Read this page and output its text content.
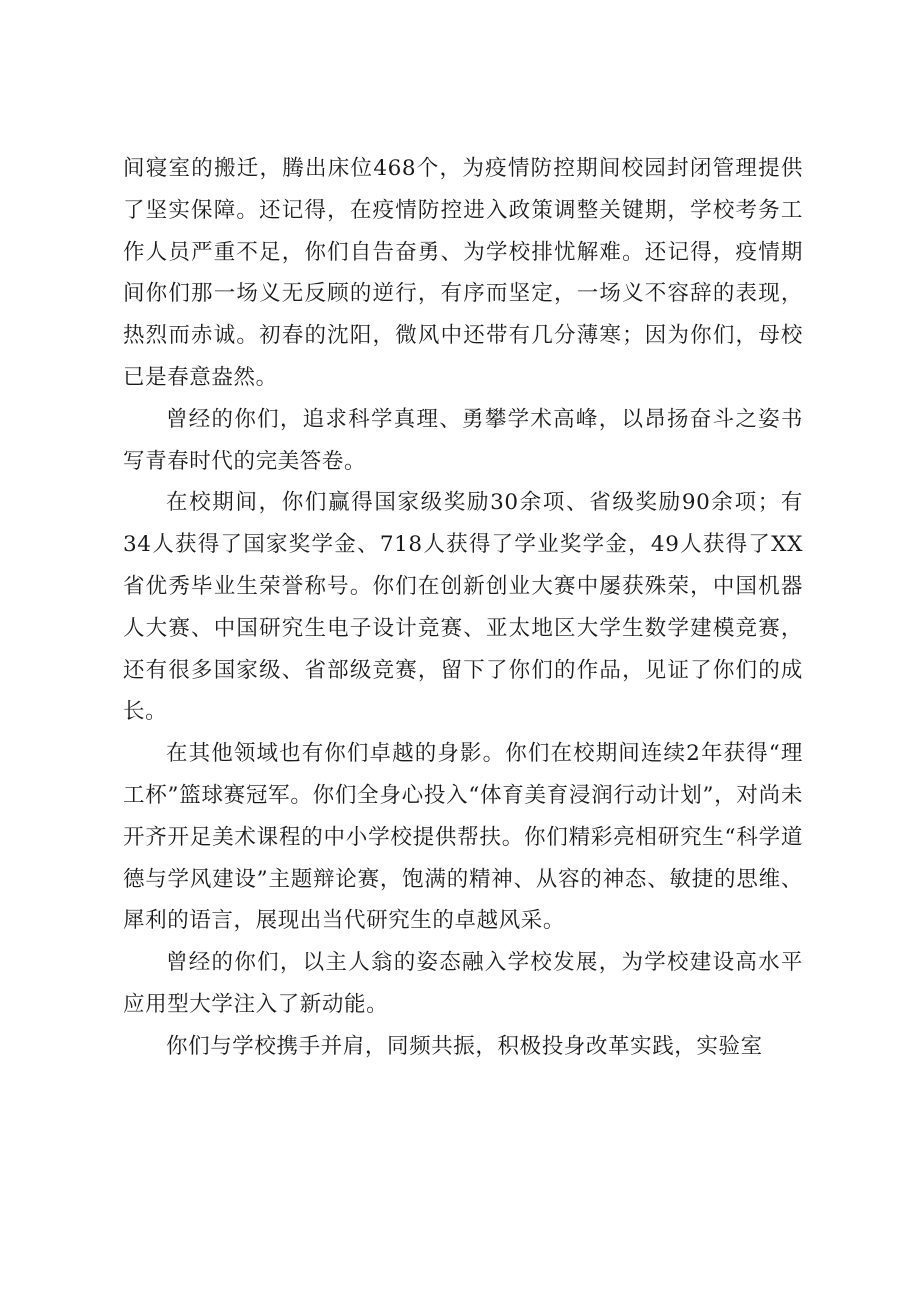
间寝室的搬迁，腾出床位468个，为疫情防控期间校园封闭管理提供了坚实保障。还记得，在疫情防控进入政策调整关键期，学校考务工作人员严重不足，你们自告奋勇、为学校排忧解难。还记得，疫情期间你们那一场义无反顾的逆行，有序而坚定，一场义不容辞的表现，热烈而赤诚。初春的沈阳，微风中还带有几分薄寒；因为你们，母校已是春意盎然。

曾经的你们，追求科学真理、勇攀学术高峰，以昂扬奋斗之姿书写青春时代的完美答卷。

在校期间，你们赢得国家级奖励30余项、省级奖励90余项；有34人获得了国家奖学金、718人获得了学业奖学金，49人获得了XX省优秀毕业生荣誉称号。你们在创新创业大赛中屡获殊荣，中国机器人大赛、中国研究生电子设计竞赛、亚太地区大学生数学建模竞赛，还有很多国家级、省部级竞赛，留下了你们的作品，见证了你们的成长。

在其他领域也有你们卓越的身影。你们在校期间连续2年获得“理工杯”篮球赛冠军。你们全身心投入“体育美育浸润行动计划”，对尚未开齐开足美术课程的中小学校提供帮扶。你们精彩亮相研究生“科学道德与学风建设”主题辩论赛，饱满的精神、从容的神态、敏捷的思维、犀利的语言，展现出当代研究生的卓越风采。

曾经的你们，以主人翁的姿态融入学校发展，为学校建设高水平应用型大学注入了新动能。

你们与学校携手并肩，同频共振，积极投身改革实践，实验室
